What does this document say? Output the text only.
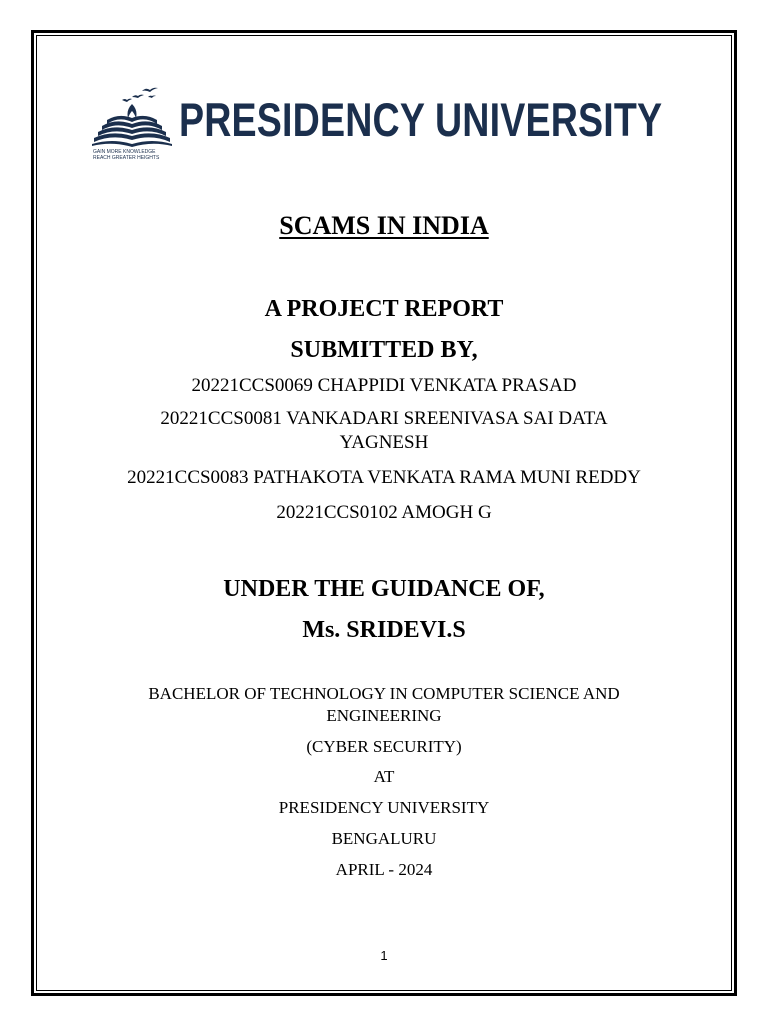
GAIN MORE KNOWLEDGE
REACH GREATER HEIGHTS
PRESIDENCY UNIVERSITY
SCAMS IN INDIA
A PROJECT REPORT
SUBMITTED BY,
20221CCS0069 CHAPPIDI VENKATA PRASAD
20221CCS0081 VANKADARI SREENIVASA SAI DATA
YAGNESH
20221CCS0083 PATHAKOTA VENKATA RAMA MUNI REDDY
20221CCS0102 AMOGH G
UNDER THE GUIDANCE OF,
Ms. SRIDEVI.S
BACHELOR OF TECHNOLOGY IN COMPUTER SCIENCE AND
ENGINEERING
(CYBER SECURITY)
AT
PRESIDENCY UNIVERSITY
BENGALURU
APRIL - 2024
1
